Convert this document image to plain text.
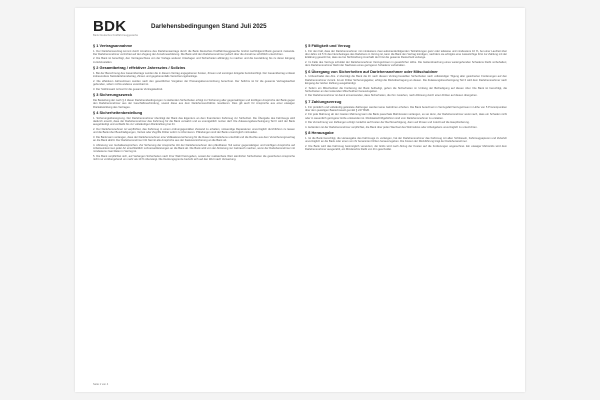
BDK
Bank Deutsches Kraftfahrzeuggewerbe
Darlehensbedingungen Stand Juli 2025
§ 1 Vertragsannahme
1. Der Darlehensvertrag kommt durch Annahme des Darlehensantrags durch die Bank Deutsches Kraftfahrzeuggewerbe GmbH nachfolgend Bank genannt zustande. Der Darlehensnehmer verzichtet auf den Zugang der Annahmeerklärung. Die Bank wird den Darlehensnehmer jedoch über die Annahme schriftlich unterrichten.
2. Die Bank ist berechtigt, den Vertragsschluss von der Vorlage weiterer Unterlagen und Sicherheiten abhängig zu machen und die Auszahlung bis zu deren Eingang zurückzustellen.
§ 2 Gesamtbetrag / effektiver Jahreszins / Sollzins
1. Bei der Berechnung des Gesamtbetrags wurden die in diesem Vertrag angegebenen Kosten, Zinsen und sonstigen Entgelte berücksichtigt. Der Gesamtbetrag umfasst insbesondere Nettodarlehensbetrag, Zinsen und gegebenenfalls Versicherungsbeiträge.
2. Die effektiven Jahreszinsen wurden nach den gesetzlichen Vorgaben der Preisangabenverordnung berechnet. Der Sollzins ist für die gesamte Vertragslaufzeit gebunden, sofern nichts anderes vereinbart ist.
3. Der Sollzinssatz ist fest für die gesamte Vertragslaufzeit.
§ 3 Sicherungszweck
Die Bestellung der nach § 4 dieser Darlehensbedingungen zu stellenden Sicherheiten erfolgt zur Sicherung aller gegenwärtigen und künftigen Ansprüche der Bank gegen den Darlehensnehmer aus der Geschäftsverbindung, soweit diese aus dem Darlehensverhältnis resultieren. Dies gilt auch für Ansprüche aus einer etwaigen Rückabwicklung des Vertrages.
§ 4 Sicherheitenbestellung
1. Sicherungsübereignung. Der Darlehensnehmer überträgt der Bank das Eigentum an dem finanzierten Fahrzeug zur Sicherheit. Die Übergabe des Fahrzeugs wird dadurch ersetzt, dass der Darlehensnehmer das Fahrzeug für die Bank verwahrt und es unentgeltlich nutzen darf. Die Zulassungsbescheinigung Teil II wird der Bank ausgehändigt und verbleibt bis zur vollständigen Rückzahlung bei ihr.
2. Der Darlehensnehmer ist verpflichtet, das Fahrzeug in einem ordnungsgemäßen Zustand zu erhalten, notwendige Reparaturen unverzüglich durchführen zu lassen und die Bank über Beschädigungen, Verlust oder Zugriffe Dritter sofort zu informieren. Pfändungen sind der Bank unverzüglich mitzuteilen.
3. Die Bank kann verlangen, dass der Darlehensnehmer eine Vollkaskoversicherung für die Dauer des Darlehens unterhält und die Rechte aus dem Versicherungsvertrag an die Bank abtritt. Der Darlehensnehmer tritt hiermit alle Ansprüche aus der Kaskoversicherung an die Bank ab.
4. Abtretung von Gehaltsansprüchen. Zur Sicherung der Ansprüche tritt der Darlehensnehmer den pfändbaren Teil seiner gegenwärtigen und künftigen Ansprüche auf Arbeitseinkommen jeder Art einschließlich Lohnersatzleistungen an die Bank ab. Die Bank wird von der Abtretung nur Gebrauch machen, wenn der Darlehensnehmer mit mindestens zwei Raten in Verzug ist.
5. Die Bank verpflichtet sich, auf Verlangen Sicherheiten nach ihrer Wahl freizugeben, soweit der realisierbare Wert sämtlicher Sicherheiten die gesicherten Ansprüche nicht nur vorübergehend um mehr als 10 % übersteigt. Die Deckungsgrenze bezieht sich auf den Wert nach Verwertung.
§ 5 Fälligkeit und Verzug
1. Für den Fall, dass der Darlehensnehmer mit mindestens zwei aufeinanderfolgenden Teilzahlungen ganz oder teilweise und mindestens 10 %, bei einer Laufzeit über drei Jahre mit 5 % des Nennbetrages des Darlehens in Verzug ist, kann die Bank den Vertrag kündigen, nachdem sie erfolglos eine zweiwöchige Frist zur Zahlung mit der Erklärung gesetzt hat, dass sie bei Nichtzahlung innerhalb der Frist die gesamte Restschuld verlange.
2. Im Falle des Verzugs schuldet der Darlehensnehmer Verzugszinsen in gesetzlicher Höhe. Die Geltendmachung eines weitergehenden Schadens bleibt vorbehalten; dem Darlehensnehmer bleibt der Nachweis eines geringeren Schadens vorbehalten.
§ 6 Übergang von Sicherheiten auf Darlehensnehmer oder Mitschuldner
1. Unbeschadet des Abs. 2 überträgt die Bank die ihr nach diesem Vertrag bestellten Sicherheiten nach vollständiger Tilgung aller gesicherten Forderungen auf den Darlehensnehmer zurück. Ist ein Dritter Sicherungsgeber, erfolgt die Rückübertragung an diesen. Die Zulassungsbescheinigung Teil II wird dem Darlehensnehmer nach Eingang der letzten Zahlung ausgehändigt.
2. Sofern ein Mitschuldner die Forderung der Bank befriedigt, gehen die Sicherheiten im Umfang der Befriedigung auf diesen über. Die Bank ist berechtigt, die Sicherheiten an den leistenden Mitschuldner herauszugeben.
3. Der Darlehensnehmer ist damit einverstanden, dass Sicherheiten, die ihm zustehen, nach Ablösung durch einen Dritten auf diesen übergehen.
§ 7 Zahlungsverzug
1. Für pünktlich und vollständig geleistete Zahlungen werden keine Gebühren erhoben. Die Bank berechnet im Verzugsfall Verzugszinsen in Höhe von 5 Prozentpunkten über dem jeweiligen Basiszinssatz gemäß § 247 BGB.
2. Für jede Mahnung ab der zweiten Mahnung kann die Bank pauschale Mahnkosten verlangen, es sei denn, der Darlehensnehmer weist nach, dass ein Schaden nicht oder in wesentlich geringerer Höhe entstanden ist. Rücklastschriftgebühren sind vom Darlehensnehmer zu erstatten.
3. Die Verrechnung von Zahlungen erfolgt zunächst auf Kosten der Rechtsverfolgung, dann auf Zinsen und zuletzt auf die Hauptforderung.
4. Außerdem ist der Darlehensnehmer verpflichtet, die Bank über jeden Wechsel des Wohnsitzes oder Arbeitgebers unverzüglich zu unterrichten.
§ 8 Herausgabe
1. Ist die Bank berechtigt, die Herausgabe des Fahrzeugs zu verlangen, hat der Darlehensnehmer das Fahrzeug mit allen Schlüsseln, Fahrzeugpapieren und Zubehör unverzüglich an die Bank oder einen von ihr benannten Dritten herauszugeben. Die Kosten der Rückführung trägt der Darlehensnehmer.
2. Die Bank wird das Fahrzeug bestmöglich verwerten; der Erlös wird nach Abzug der Kosten auf die Forderungen angerechnet. Ein etwaiger Mehrerlös wird dem Darlehensnehmer ausgezahlt, ein Mindererlös bleibt von ihm geschuldet.
Seite 1 von 4
